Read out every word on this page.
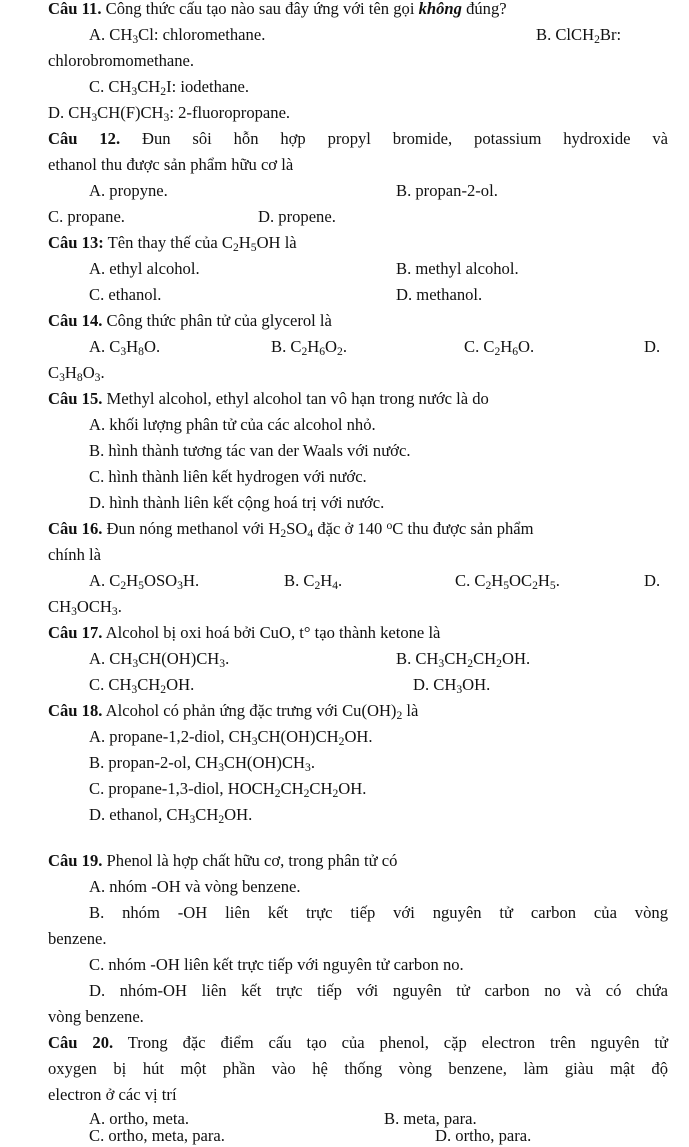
Câu 11. Công thức cấu tạo nào sau đây ứng với tên gọi không đúng?
A. $CH_3Cl$: chloromethane.	B. ClCH$_2$Br:
chlorobromomethane.
C. $CH_3CH_2I$: iodethane.
D. $CH_3CH(F)CH_3$: 2-fluoropropane.
Câu 12. Đun sôi hỗn hợp propyl bromide, potassium hydroxide và
ethanol thu được sản phẩm hữu cơ là
A. propyne.	B. propan-2-ol.
C. propane.	D. propene.
Câu 13: Tên thay thế của $C_2H_5OH$ là
A. ethyl alcohol.	B. methyl alcohol.
C. ethanol.	D. methanol.
Câu 14. Công thức phân tử của glycerol là
A. $C_3H_8O$.	B. $C_2H_6O_2$.	C. $C_2H_6O$.	D.
$C_3H_8O_3$.
Câu 15. Methyl alcohol, ethyl alcohol tan vô hạn trong nước là do
A. khối lượng phân tử của các alcohol nhỏ.
B. hình thành tương tác van der Waals với nước.
C. hình thành liên kết hydrogen với nước.
D. hình thành liên kết cộng hoá trị với nước.
Câu 16. Đun nóng methanol với $H_2SO_4$ đặc ở 140 $^o$C thu được sản phẩm
chính là
A. $C_2H_5OSO_3H$.	B. $C_2H_4$.	C. $C_2H_5OC_2H_5$.	D.
$CH_3OCH_3$.
Câu 17. Alcohol bị oxi hoá bởi CuO, t° tạo thành ketone là
A. $CH_3CH(OH)CH_3$.	B. $CH_3CH_2CH_2OH$.
C. $CH_3CH_2OH$.	D. $CH_3OH$.
Câu 18. Alcohol có phản ứng đặc trưng với $Cu(OH)_2$ là
A. propane-1,2-diol, $CH_3CH(OH)CH_2OH$.
B. propan-2-ol, $CH_3CH(OH)CH_3$.
C. propane-1,3-diol, $HOCH_2CH_2CH_2OH$.
D. ethanol, $CH_3CH_2OH$.
Câu 19. Phenol là hợp chất hữu cơ, trong phân tử có
A. nhóm -OH và vòng benzene.
B. nhóm -OH liên kết trực tiếp với nguyên tử carbon của vòng
benzene.
C. nhóm -OH liên kết trực tiếp với nguyên tử carbon no.
D. nhóm-OH liên kết trực tiếp với nguyên tử carbon no và có chứa
vòng benzene.
Câu 20. Trong đặc điểm cấu tạo của phenol, cặp electron trên nguyên tử
oxygen bị hút một phần vào hệ thống vòng benzene, làm giàu mật độ
electron ở các vị trí
A. ortho, meta.	B. meta, para.
C. ortho, meta, para.	D. ortho, para.
